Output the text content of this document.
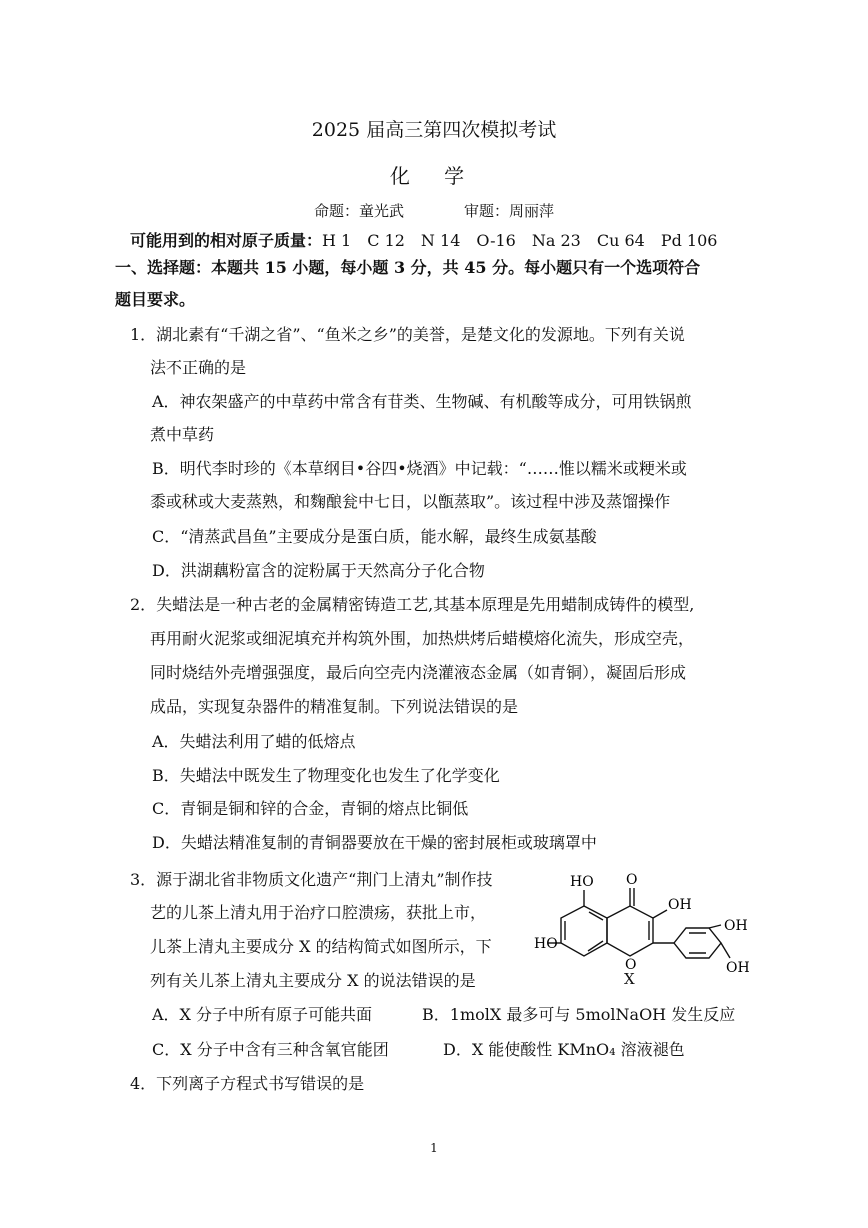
2025 届高三第四次模拟考试
化 学
命题：童光武	审题：周丽萍
可能用到的相对原子质量：H 1 C 12 N 14 O-16 Na 23 Cu 64 Pd 106
一、选择题：本题共 15 小题，每小题 3 分，共 45 分。每小题只有一个选项符合
题目要求。
1．湖北素有“千湖之省”、“鱼米之乡”的美誉，是楚文化的发源地。下列有关说
法不正确的是
A．神农架盛产的中草药中常含有苷类、生物碱、有机酸等成分，可用铁锅煎
煮中草药
B．明代李时珍的《本草纲目•谷四•烧酒》中记载：“……惟以糯米或粳米或
黍或秫或大麦蒸熟，和麴酿瓮中七日，以甑蒸取”。该过程中涉及蒸馏操作
C．“清蒸武昌鱼”主要成分是蛋白质，能水解，最终生成氨基酸
D．洪湖藕粉富含的淀粉属于天然高分子化合物
2．失蜡法是一种古老的金属精密铸造工艺,其基本原理是先用蜡制成铸件的模型,
再用耐火泥浆或细泥填充并构筑外围，加热烘烤后蜡模熔化流失，形成空壳，
同时烧结外壳增强强度，最后向空壳内浇灌液态金属（如青铜），凝固后形成
成品，实现复杂器件的精准复制。下列说法错误的是
A．失蜡法利用了蜡的低熔点
B．失蜡法中既发生了物理变化也发生了化学变化
C．青铜是铜和锌的合金，青铜的熔点比铜低
D．失蜡法精准复制的青铜器要放在干燥的密封展柜或玻璃罩中
3．源于湖北省非物质文化遗产“荆门上清丸”制作技
艺的儿茶上清丸用于治疗口腔溃疡，获批上市，
儿茶上清丸主要成分 X 的结构简式如图所示，下
列有关儿茶上清丸主要成分 X 的说法错误的是
HO O
OH
HO
O
OH
OH
X
A．X 分子中所有原子可能共面	B．1molX 最多可与 5molNaOH 发生反应
C．X 分子中含有三种含氧官能团	D．X 能使酸性 KMnO₄ 溶液褪色
4．下列离子方程式书写错误的是
1
